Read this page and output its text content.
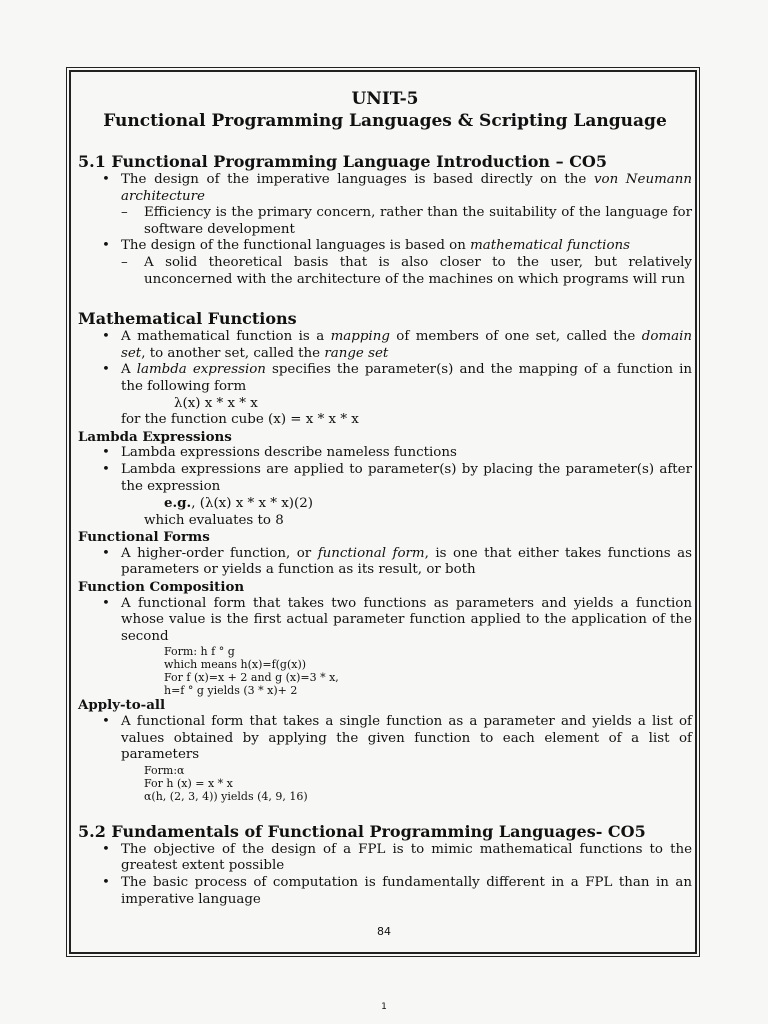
UNIT-5
Functional Programming Languages & Scripting Language
5.1 Functional Programming Language Introduction – CO5
• The design of the imperative languages is based directly on the von Neumann architecture
– Efficiency is the primary concern, rather than the suitability of the language for software development
• The design of the functional languages is based on mathematical functions
– A solid theoretical basis that is also closer to the user, but relatively unconcerned with the architecture of the machines on which programs will run
Mathematical Functions
• A mathematical function is a mapping of members of one set, called the domain set, to another set, called the range set
• A lambda expression specifies the parameter(s) and the mapping of a function in the following form
λ(x) x * x * x
for the function cube (x) = x * x * x
Lambda Expressions
• Lambda expressions describe nameless functions
• Lambda expressions are applied to parameter(s) by placing the parameter(s) after the expression
e.g., (λ(x) x * x * x)(2)
which evaluates to 8
Functional Forms
• A higher-order function, or functional form, is one that either takes functions as parameters or yields a function as its result, or both
Function Composition
• A functional form that takes two functions as parameters and yields a function whose value is the first actual parameter function applied to the application of the second
Form: h f ° g
which means h(x)=f(g(x))
For f (x)=x + 2 and g (x)=3 * x,
h=f ° g yields (3 * x)+ 2
Apply-to-all
• A functional form that takes a single function as a parameter and yields a list of values obtained by applying the given function to each element of a list of parameters
Form:α
For h (x) = x * x
α(h, (2, 3, 4)) yields (4, 9, 16)
5.2 Fundamentals of Functional Programming Languages- CO5
• The objective of the design of a FPL is to mimic mathematical functions to the greatest extent possible
• The basic process of computation is fundamentally different in a FPL than in an imperative language
84
1
